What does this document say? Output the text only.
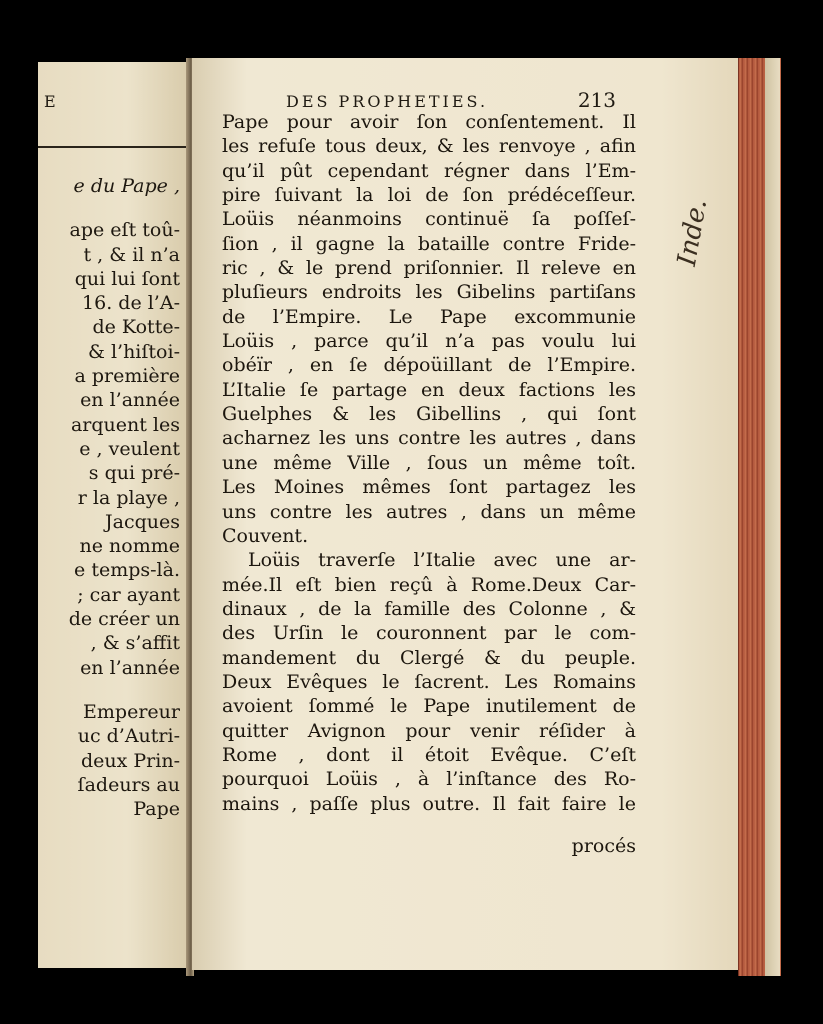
E
e du Pape ,
ape eſt toû-
t , & il n’a
qui lui ſont
16. de l’A-
de Kotte-
& l’hiſtoi-
a première
en l’année
arquent les
e , veulent
s qui pré-
r la playe ,
Jacques
ne nomme
e temps-là.
; car ayant
de créer un
, & s’affit
en l’année
Empereur
uc d’Autri-
deux Prin-
ſadeurs au
Pape
DES PROPHETIES.	213
Pape pour avoir ſon conſentement. Il
les refuſe tous deux, & les renvoye , afin
qu’il pût cependant régner dans l’Em-
pire ſuivant la loi de ſon prédéceſſeur.
Loüis néanmoins continuë ſa poſſeſ-
ſion , il gagne la bataille contre Fride-
ric , & le prend priſonnier. Il releve en
pluſieurs endroits les Gibelins partiſans
de l’Empire. Le Pape excommunie
Loüis , parce qu’il n’a pas voulu lui
obéïr , en ſe dépoüillant de l’Empire.
L’Italie ſe partage en deux factions les
Guelphes & les Gibellins , qui ſont
acharnez les uns contre les autres , dans
une même Ville , ſous un même toît.
Les Moines mêmes ſont partagez les
uns contre les autres , dans un même
Couvent.
Loüis traverſe l’Italie avec une ar-
mée.Il eſt bien reçû à Rome.Deux Car-
dinaux , de la famille des Colonne , &
des Urſin le couronnent par le com-
mandement du Clergé & du peuple.
Deux Evêques le ſacrent. Les Romains
avoient ſommé le Pape inutilement de
quitter Avignon pour venir réſider à
Rome , dont il étoit Evêque. C’eſt
pourquoi Loüis , à l’inſtance des Ro-
mains , paſſe plus outre. Il fait faire le
procés
Inde.
